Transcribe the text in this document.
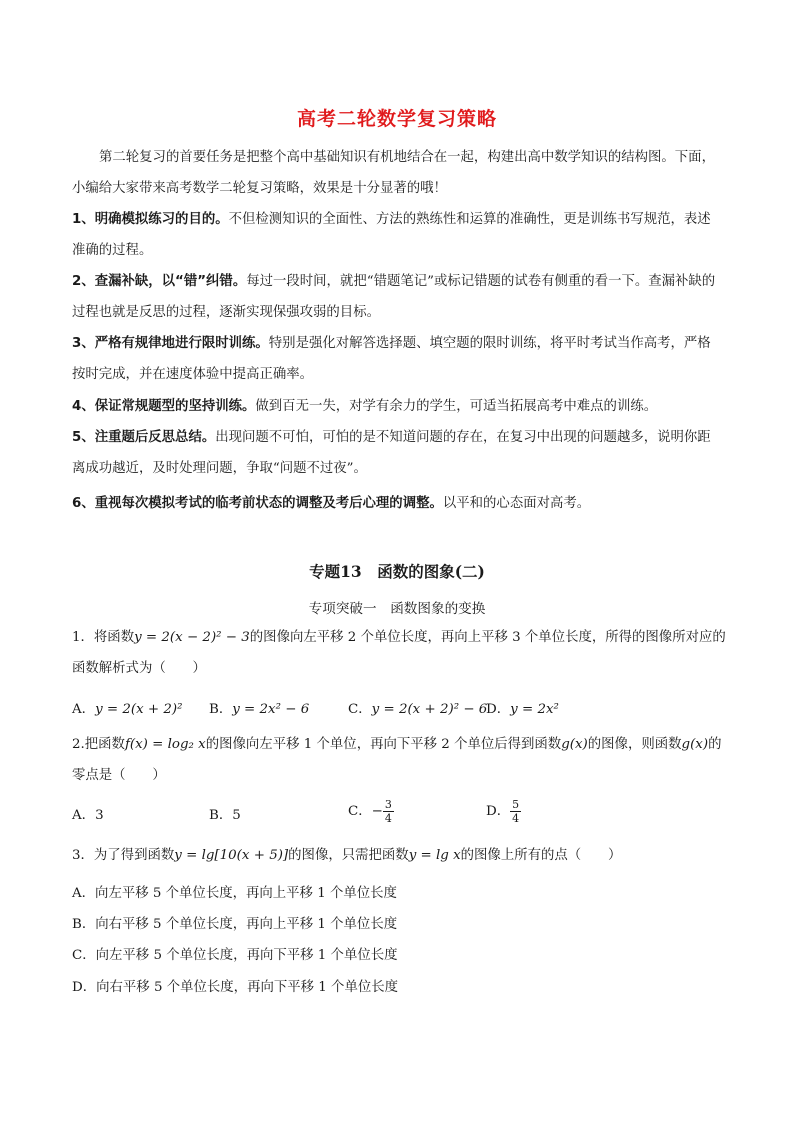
高考二轮数学复习策略
第二轮复习的首要任务是把整个高中基础知识有机地结合在一起，构建出高中数学知识的结构图。下面，小编给大家带来高考数学二轮复习策略，效果是十分显著的哦！
1、明确模拟练习的目的。不但检测知识的全面性、方法的熟练性和运算的准确性，更是训练书写规范，表述准确的过程。
2、查漏补缺，以“错”纠错。每过一段时间，就把“错题笔记”或标记错题的试卷有侧重的看一下。查漏补缺的过程也就是反思的过程，逐渐实现保强攻弱的目标。
3、严格有规律地进行限时训练。特别是强化对解答选择题、填空题的限时训练，将平时考试当作高考，严格按时完成，并在速度体验中提高正确率。
4、保证常规题型的坚持训练。做到百无一失，对学有余力的学生，可适当拓展高考中难点的训练。
5、注重题后反思总结。出现问题不可怕，可怕的是不知道问题的存在，在复习中出现的问题越多，说明你距离成功越近，及时处理问题，争取“问题不过夜”。
6、重视每次模拟考试的临考前状态的调整及考后心理的调整。以平和的心态面对高考。
专题13　函数的图象(二)
专项突破一　函数图象的变换
1．将函数y = 2(x − 2)² − 3的图像向左平移 2 个单位长度，再向上平移 3 个单位长度，所得的图像所对应的函数解析式为（　　）
A．y = 2(x + 2)² B．y = 2x² − 6	C．y = 2(x + 2)² − 6
D．y = 2x²
2.把函数f(x) = log₂ x的图像向左平移 1 个单位，再向下平移 2 个单位后得到函数g(x)的图像，则函数g(x)的零点是（　　）
A．3	B．5	C．− $\frac{3}{4}$	D． $\frac{5}{4}$
3．为了得到函数y = lg[10(x + 5)]的图像，只需把函数y = lg x的图像上所有的点（　　）
A．向左平移 5 个单位长度，再向上平移 1 个单位长度
B．向右平移 5 个单位长度，再向上平移 1 个单位长度
C．向左平移 5 个单位长度，再向下平移 1 个单位长度
D．向右平移 5 个单位长度，再向下平移 1 个单位长度
